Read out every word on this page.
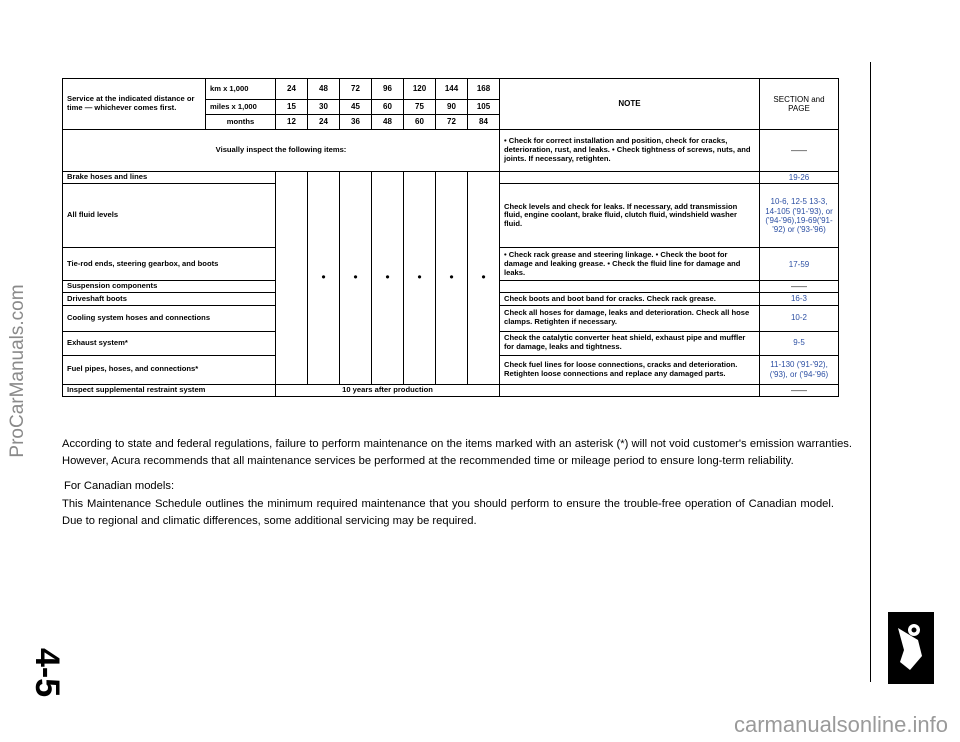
ProCarManuals.com
Service at the indicated distance or time — whichever comes first.	km x 1,000	24	48	72	96	120	144	168	NOTE	SECTION and PAGE
	miles x 1,000	15	30	45	60	75	90	105		
	months	12	24	36	48	60	72	84		
Visually inspect the following items:									• Check for correct installation and position, check for cracks, deterioration, rust, and leaks. • Check tightness of screws, nuts, and joints. If necessary, retighten.	——
Brake hoses and lines			●	●	●	●	●	●		19-26
All fluid levels									Check levels and check for leaks. If necessary, add transmission fluid, engine coolant, brake fluid, clutch fluid, windshield washer fluid.	10-6, 12-5 13-3, 14-105 ('91-'93), or ('94-'96),19-69('91-'92) or ('93-'96)
Tie-rod ends, steering gearbox, and boots									• Check rack grease and steering linkage. • Check the boot for damage and leaking grease. • Check the fluid line for damage and leaks.	17-59
Suspension components										——
Driveshaft boots									Check boots and boot band for cracks. Check rack grease.	16-3
Cooling system hoses and connections									Check all hoses for damage, leaks and deterioration. Check all hose clamps. Retighten if necessary.	10-2
Exhaust system*									Check the catalytic converter heat shield, exhaust pipe and muffler for damage, leaks and tightness.	9-5
Fuel pipes, hoses, and connections*									Check fuel lines for loose connections, cracks and deterioration. Retighten loose connections and replace any damaged parts.	11-130 ('91-'92), ('93), or ('94-'96)
Inspect supplemental restraint system		10 years after production								——
According to state and federal regulations, failure to perform maintenance on the items marked with an asterisk (*) will not void customer's emission warranties. However, Acura recommends that all maintenance services be performed at the recommended time or mileage period to ensure long-term reliability.
For Canadian models:
This Maintenance Schedule outlines the minimum required maintenance that you should perform to ensure the trouble-free operation of Canadian model. Due to regional and climatic differences, some additional servicing may be required.
4-5
carmanualsonline.info
